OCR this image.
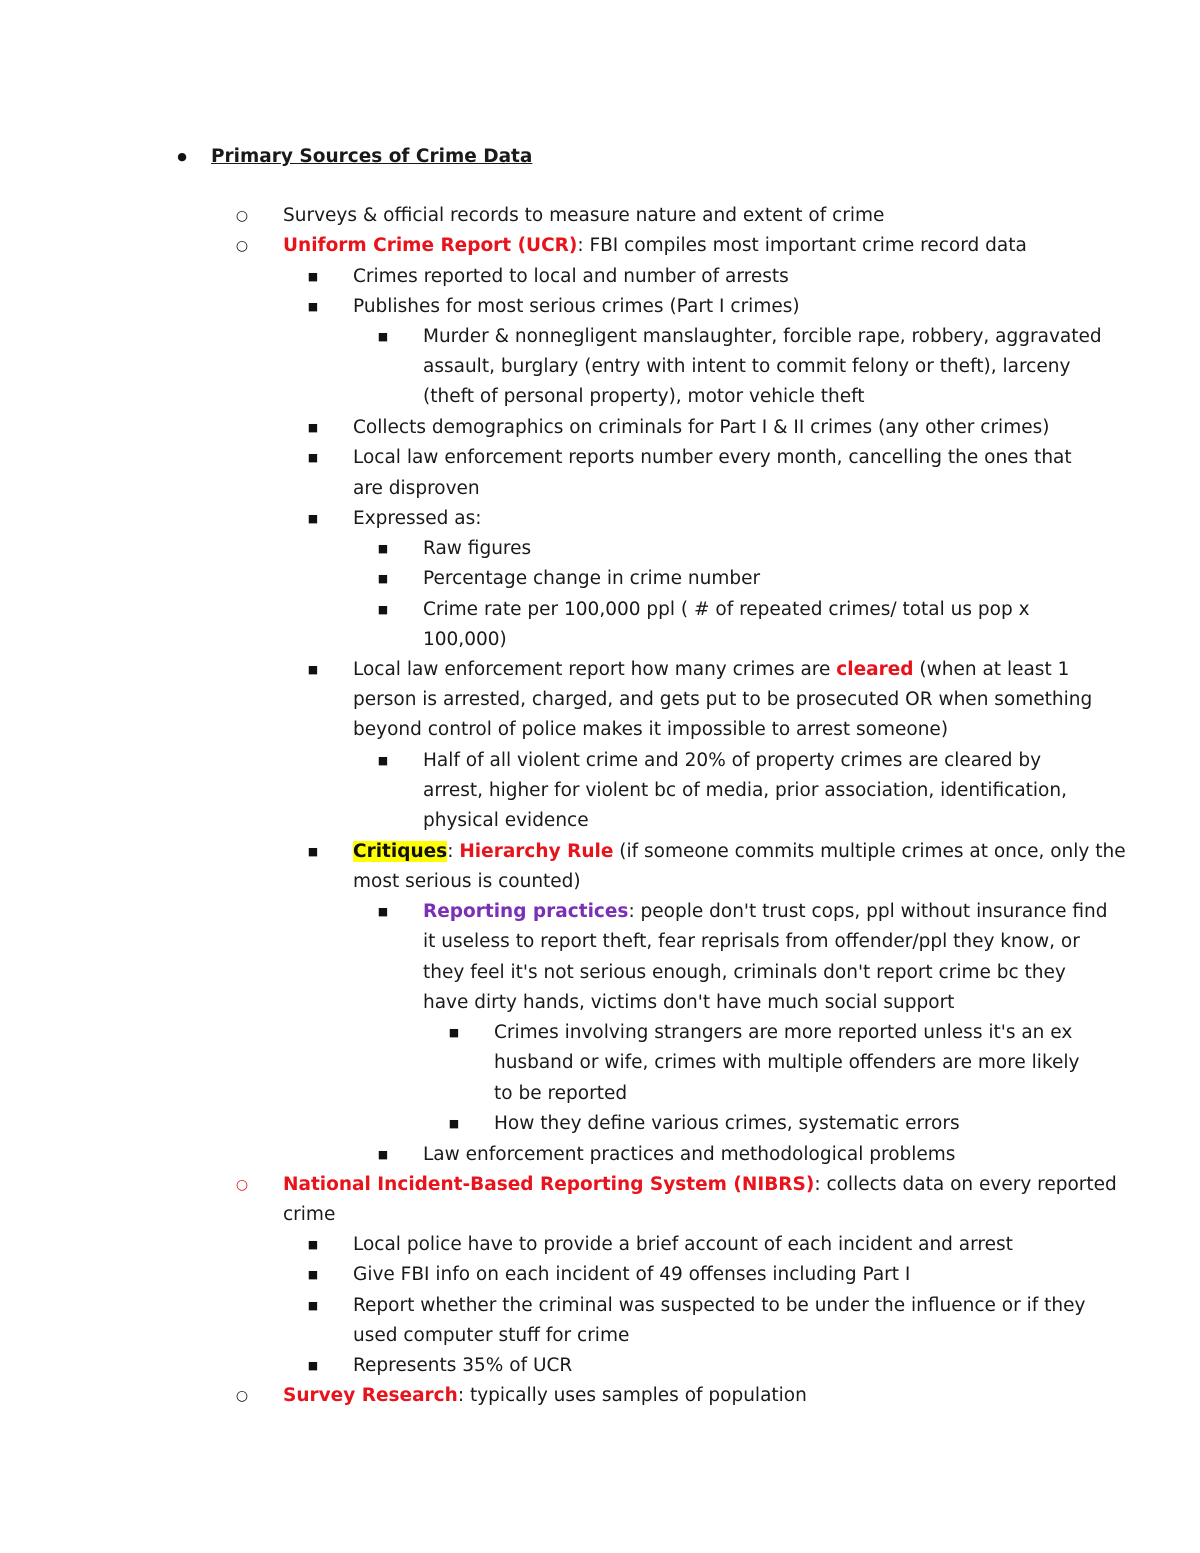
●	Primary Sources of Crime Data
○	Surveys & official records to measure nature and extent of crime
○	Uniform Crime Report (UCR): FBI compiles most important crime record data
■	Crimes reported to local and number of arrests
■	Publishes for most serious crimes (Part I crimes)
■	Murder & nonnegligent manslaughter, forcible rape, robbery, aggravated
assault, burglary (entry with intent to commit felony or theft), larceny
(theft of personal property), motor vehicle theft
■	Collects demographics on criminals for Part I & II crimes (any other crimes)
■	Local law enforcement reports number every month, cancelling the ones that
are disproven
■	Expressed as:
■	Raw figures
■	Percentage change in crime number
■	Crime rate per 100,000 ppl ( # of repeated crimes/ total us pop x
100,000)
■	Local law enforcement report how many crimes are cleared (when at least 1
person is arrested, charged, and gets put to be prosecuted OR when something
beyond control of police makes it impossible to arrest someone)
■	Half of all violent crime and 20% of property crimes are cleared by
arrest, higher for violent bc of media, prior association, identification,
physical evidence
■	Critiques: Hierarchy Rule (if someone commits multiple crimes at once, only the
most serious is counted)
■	Reporting practices: people don't trust cops, ppl without insurance find
it useless to report theft, fear reprisals from offender/ppl they know, or
they feel it's not serious enough, criminals don't report crime bc they
have dirty hands, victims don't have much social support
■	Crimes involving strangers are more reported unless it's an ex
husband or wife, crimes with multiple offenders are more likely
to be reported
■	How they define various crimes, systematic errors
■	Law enforcement practices and methodological problems
○	National Incident-Based Reporting System (NIBRS): collects data on every reported
crime
■	Local police have to provide a brief account of each incident and arrest
■	Give FBI info on each incident of 49 offenses including Part I
■	Report whether the criminal was suspected to be under the influence or if they
used computer stuff for crime
■	Represents 35% of UCR
○	Survey Research: typically uses samples of population
